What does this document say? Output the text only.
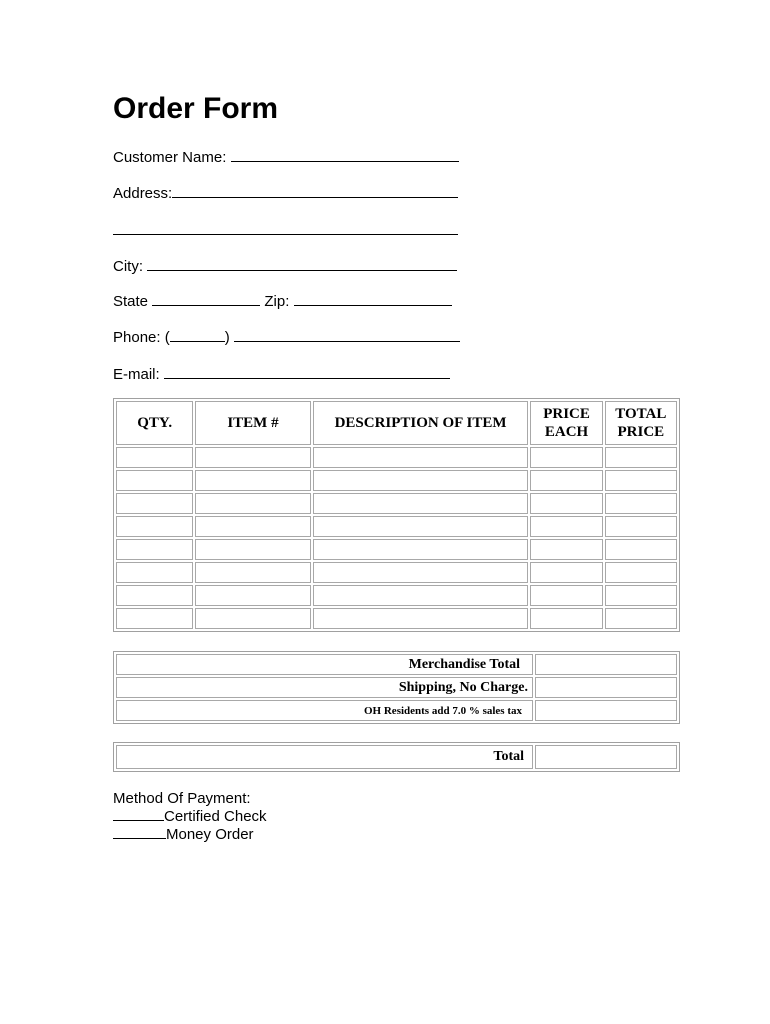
Order Form
Customer Name:
Address:
City:
State	Zip:
Phone: (	)
E-mail:
QTY.	ITEM #	DESCRIPTION OF ITEM	PRICE EACH	TOTAL PRICE

Merchandise Total	
Shipping, No Charge.	
OH Residents add 7.0 % sales tax	
Total	
Method Of Payment:
Certified Check
Money Order
